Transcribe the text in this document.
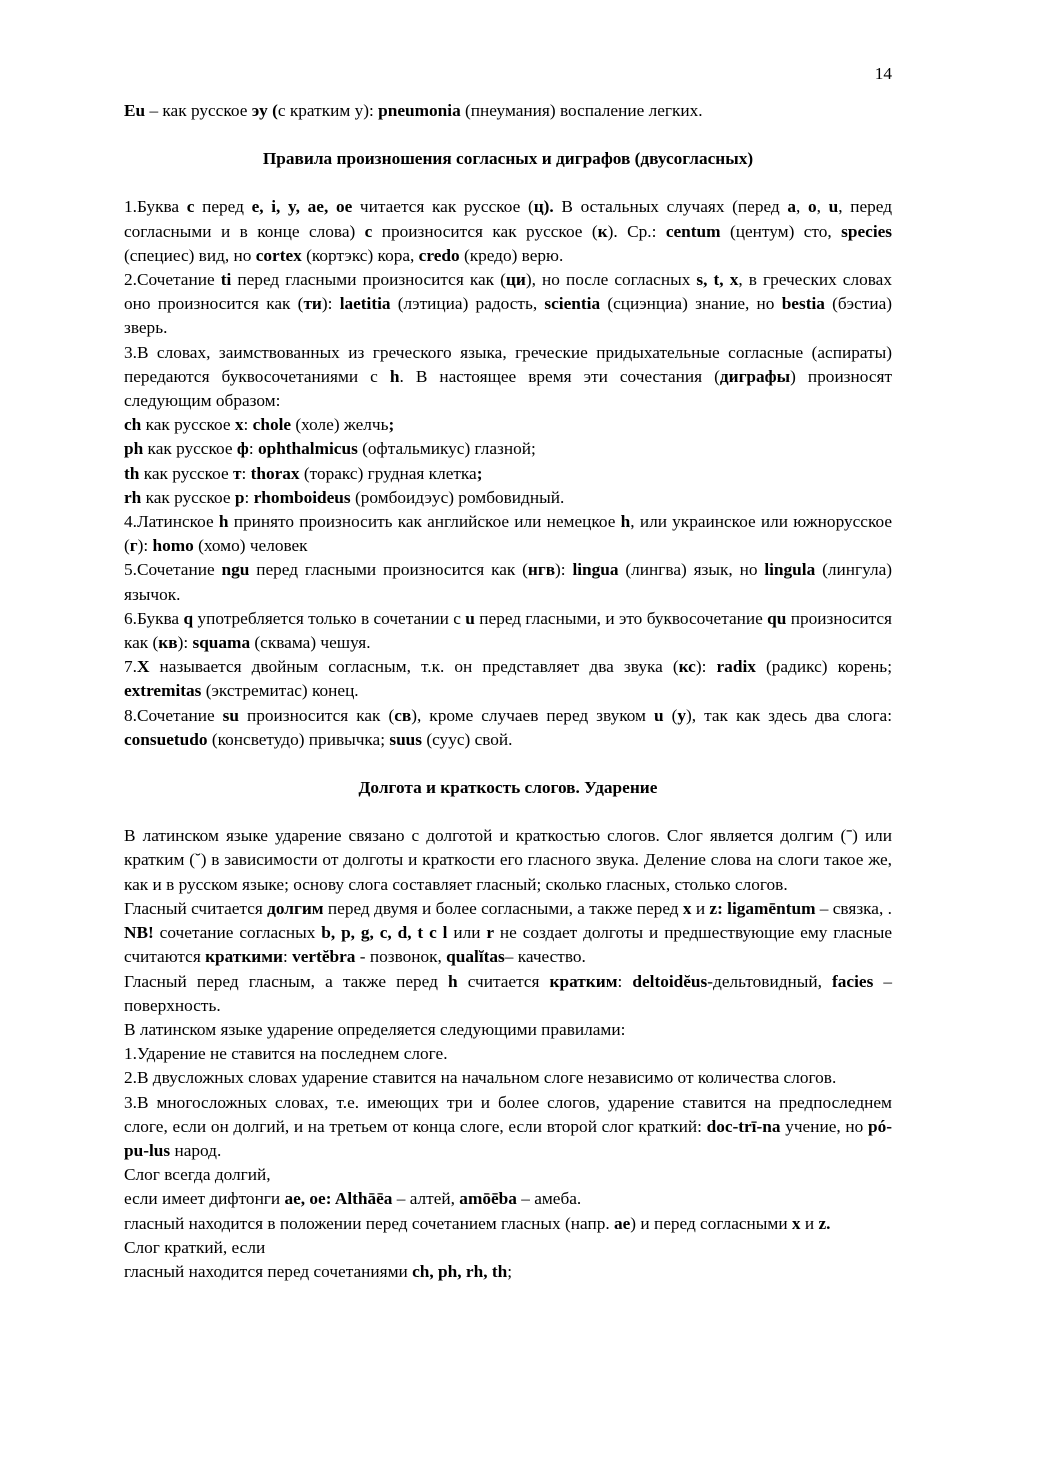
14

Eu – как русское эу (с кратким у): pneumonia (пнеумания) воспаление легких.

Правила произношения согласных и диграфов (двусогласных)

1.Буква с перед e, i, y, ae, oe читается как русское (ц). В остальных случаях (перед a, o, u, перед согласными и в конце слова) c произносится как русское (к). Ср.: centum (центум) сто, species (специес) вид, но cortex (кортэкс) кора, credo (кредо) верю.

2.Сочетание ti перед гласными произносится как (ци), но после согласных s, t, x, в греческих словах оно произносится как (ти): laetitia (лэтициа) радость, scientia (сциэнциа) знание, но bestia (бэстиа) зверь.

3.В словах, заимствованных из греческого языка, греческие придыхательные согласные (аспираты) передаются буквосочетаниями с h. В настоящее время эти сочестания (диграфы) произносят следующим образом:

ch как русское х: chole (холе) желчь;

ph как русское ф: ophthalmicus (офтальмикус) глазной;

th как русское т: thorax (торакс) грудная клетка;

rh как русское р: rhomboideus (ромбоидэус) ромбовидный.

4.Латинское h принято произносить как английское или немецкое h, или украинское или южнорусское (г): homo (хомо) человек

5.Сочетание ngu перед гласными произносится как (нгв): lingua (лингва) язык, но lingula (лингула) язычок.

6.Буква q употребляется только в сочетании с u перед гласными, и это буквосочетание qu произносится как (кв): squama (сквама) чешуя.

7.X называется двойным согласным, т.к. он представляет два звука (кс): radix (радикс) корень; extremitas (экстремитас) конец.

8.Сочетание su произносится как (св), кроме случаев перед звуком u (у), так как здесь два слога: consuetudo (консветудо) привычка; suus (суус) свой.

Долгота и краткость слогов. Ударение

В латинском языке ударение связано с долготой и краткостью слогов. Слог является долгим (ˉ) или кратким (˘) в зависимости от долготы и краткости его гласного звука. Деление слова на слоги такое же, как и в русском языке; основу слога составляет гласный; сколько гласных, столько слогов.

Гласный считается долгим перед двумя и более согласными, а также перед x и z: ligamēntum – связка, .

NB! сочетание согласных b, p, g, c, d, t c l или r не создает долготы и предшествующие ему гласные считаются краткими: vertĕbra - позвонок, qualĭtas– качество.

Гласный перед гласным, а также перед h считается кратким: deltoidĕus-дельтовидный, facies – поверхность.

В латинском языке ударение определяется следующими правилами:

1.Ударение не ставится на последнем слоге.

2.В двусложных словах ударение ставится на начальном слоге независимо от количества слогов.

3.В многосложных словах, т.е. имеющих три и более слогов, ударение ставится на предпоследнем слоге, если он долгий, и на третьем от конца слоге, если второй слог краткий: doc-trī-na учение, но pó-pu-lus народ.

Слог всегда долгий,

если имеет дифтонги ae, oe: Althāēa – алтей, amōēba – амеба.

гласный находится в положении перед сочетанием гласных (напр. ae) и перед согласными x и z.

Слог краткий, если

гласный находится перед сочетаниями ch, ph, rh, th;
